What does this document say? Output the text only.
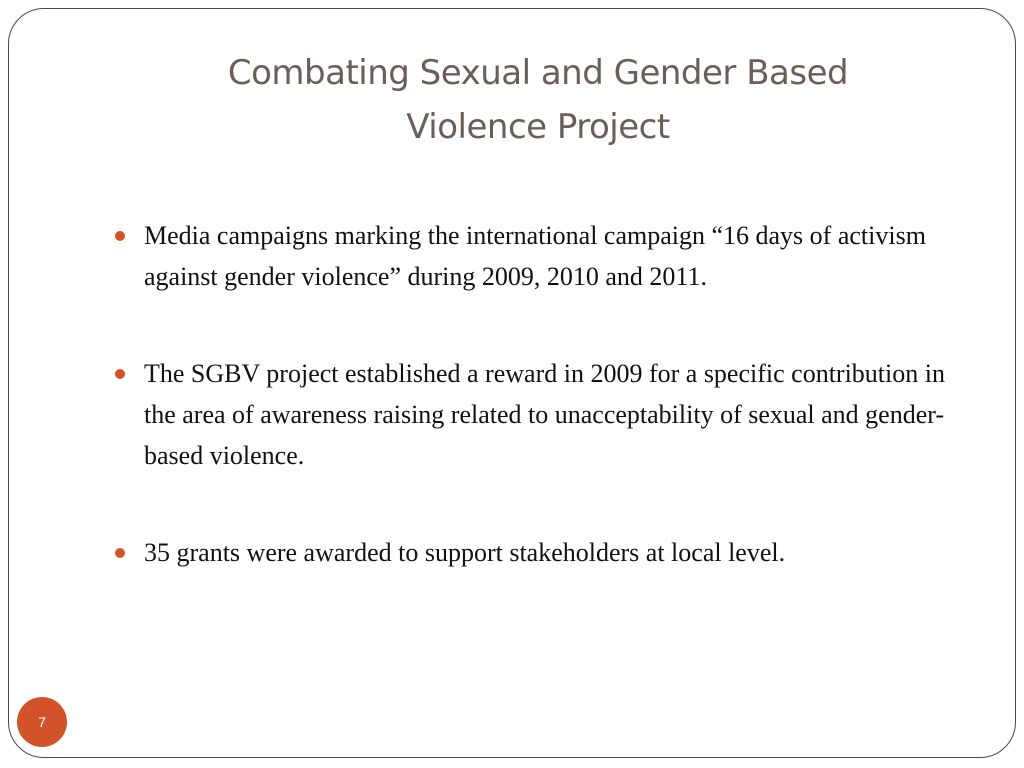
Combating Sexual and Gender Based
Violence Project
Media campaigns marking the international campaign “16 days of activism against gender violence” during 2009, 2010 and 2011.
The SGBV project established a reward in 2009 for a specific contribution in the area of awareness raising related to unacceptability of sexual and gender-based violence.
35 grants were awarded to support stakeholders at local level.
7
